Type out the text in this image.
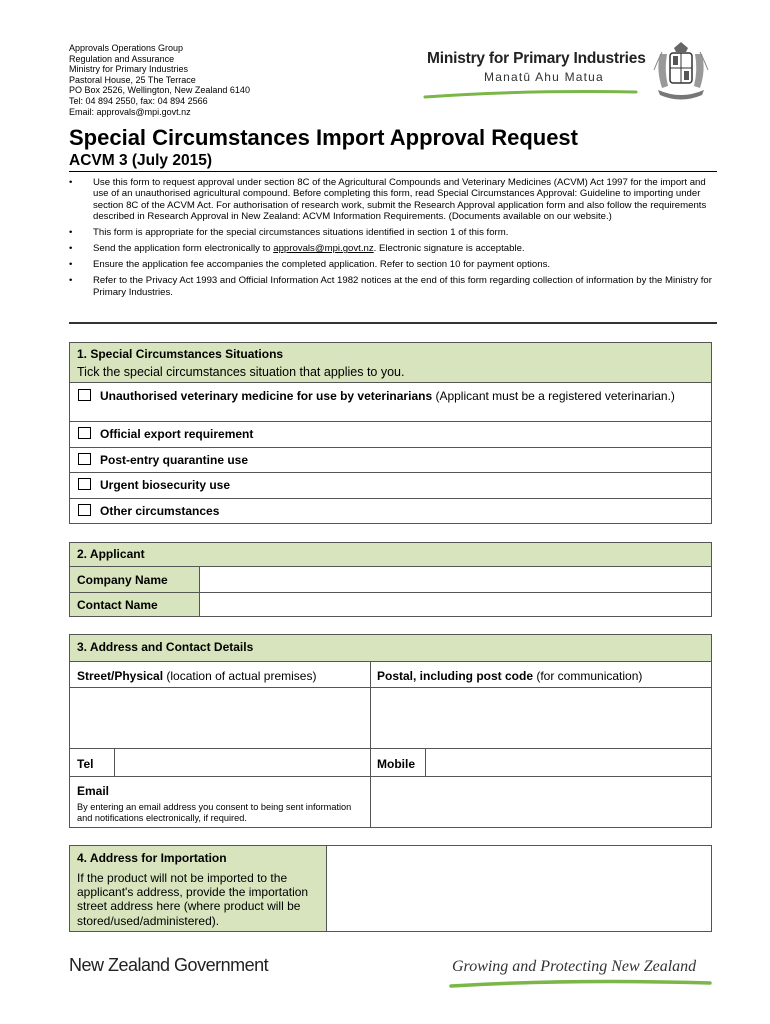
Approvals Operations Group
Regulation and Assurance
Ministry for Primary Industries
Pastoral House, 25 The Terrace
PO Box 2526, Wellington, New Zealand 6140
Tel: 04 894 2550, fax: 04 894 2566
Email: approvals@mpi.govt.nz
Ministry for Primary Industries
Manatū Ahu Matua
Special Circumstances Import Approval Request
ACVM 3 (July 2015)
• Use this form to request approval under section 8C of the Agricultural Compounds and Veterinary Medicines (ACVM) Act 1997 for the import and use of an unauthorised agricultural compound. Before completing this form, read Special Circumstances Approval: Guideline to importing under section 8C of the ACVM Act. For authorisation of research work, submit the Research Approval application form and also follow the requirements described in Research Approval in New Zealand: ACVM Information Requirements. (Documents available on our website.)
• This form is appropriate for the special circumstances situations identified in section 1 of this form.
• Send the application form electronically to approvals@mpi.govt.nz. Electronic signature is acceptable.
• Ensure the application fee accompanies the completed application. Refer to section 10 for payment options.
• Refer to the Privacy Act 1993 and Official Information Act 1982 notices at the end of this form regarding collection of information by the Ministry for Primary Industries.
1. Special Circumstances Situations
Tick the special circumstances situation that applies to you.
Unauthorised veterinary medicine for use by veterinarians (Applicant must be a registered veterinarian.)
Official export requirement
Post-entry quarantine use
Urgent biosecurity use
Other circumstances
2. Applicant
Company Name
Contact Name
3. Address and Contact Details
Street/Physical (location of actual premises)	Postal, including post code (for communication)
Tel	Mobile
Email
By entering an email address you consent to being sent information and notifications electronically, if required.
4. Address for Importation
If the product will not be imported to the applicant's address, provide the importation street address here (where product will be stored/used/administered).
New Zealand Government	Growing and Protecting New Zealand
